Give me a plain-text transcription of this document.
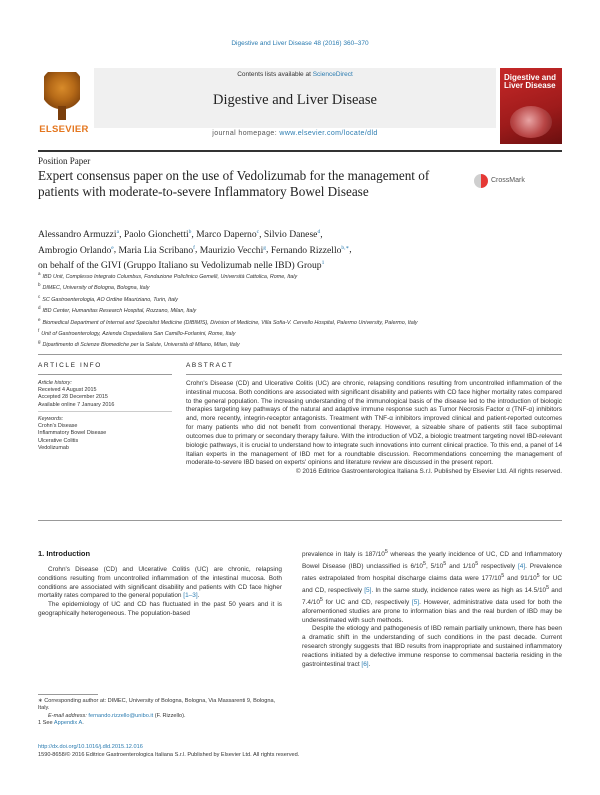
Digestive and Liver Disease 48 (2016) 360–370
ELSEVIER
Contents lists available at ScienceDirect
Digestive and Liver Disease
journal homepage: www.elsevier.com/locate/dld
Digestive and Liver Disease
Position Paper
Expert consensus paper on the use of Vedolizumab for the management of patients with moderate-to-severe Inflammatory Bowel Disease
CrossMark
Alessandro Armuzzi$^a$, Paolo Gionchetti$^b$, Marco Daperno$^c$, Silvio Danese$^d$,
Ambrogio Orlando$^e$, Maria Lia Scribano$^f$, Maurizio Vecchi$^g$, Fernando Rizzello$^{b,∗}$,
on behalf of the GIVI (Gruppo Italiano su Vedolizumab nelle IBD) Group$^1$
$^a$IBD Unit, Complesso Integrato Columbus, Fondazione Policlinico Gemelli, Università Cattolica, Rome, Italy
$^b$DIMEC, University of Bologna, Bologna, Italy
$^c$SC Gastroenterologia, AO Ordine Mauriziano, Turin, Italy
$^d$IBD Center, Humanitas Research Hospital, Rozzano, Milan, Italy
$^e$Biomedical Department of Internal and Specialist Medicine (DIBIMIS), Division of Medicine, Villa Sofia-V. Cervello Hospital, Palermo University, Palermo, Italy
$^f$Unit of Gastroenterology, Azienda Ospedaliera San Camillo-Forlanini, Rome, Italy
$^g$Dipartimento di Scienze Biomediche per la Salute, Università di Milano, Milan, Italy
ARTICLE INFO
Article history:
Received 4 August 2015
Accepted 28 December 2015
Available online 7 January 2016
Keywords:
Crohn's Disease
Inflammatory Bowel Disease
Ulcerative Colitis
Vedolizumab
ABSTRACT
Crohn's Disease (CD) and Ulcerative Colitis (UC) are chronic, relapsing conditions resulting from uncontrolled inflammation of the intestinal mucosa. Both conditions are associated with significant disability and patients with CD face higher mortality rates compared to the general population. The increasing understanding of the immunological basis of the disease led to the introduction of biologic therapies targeting key pathways of the natural and adaptive immune response such as Tumor Necrosis Factor α (TNF-α) inhibitors and, more recently, integrin-receptor antagonists. Treatment with TNF-α inhibitors improved clinical and patient-reported outcomes for many patients who did not benefit from conventional therapy. However, a sizeable share of patients still face suboptimal outcomes due to primary or secondary therapy failure. With the introduction of VDZ, a biologic treatment targeting novel IBD-relevant biologic pathways, it is crucial to understand how to integrate such innovations into current clinical practice. To this end, a panel of 14 Italian experts in the management of IBD met for a roundtable discussion. Recommendations concerning the management of moderate-to-severe IBD based on experts' opinions and literature review are discussed in the present report.
© 2016 Editrice Gastroenterologica Italiana S.r.l. Published by Elsevier Ltd. All rights reserved.
1. Introduction

Crohn's Disease (CD) and Ulcerative Colitis (UC) are chronic, relapsing conditions resulting from uncontrolled inflammation of the intestinal mucosa. Both conditions are associated with significant disability and patients with CD face higher mortality rates compared to the general population [1–3].

The epidemiology of UC and CD has fluctuated in the past 50 years and it is geographically heterogeneous. The population-based

prevalence in Italy is $187/10^5$ whereas the yearly incidence of UC, CD and Inflammatory Bowel Disease (IBD) unclassified is $6/10^5$, $5/10^5$ and $1/10^5$ respectively [4]. Prevalence rates extrapolated from hospital discharge claims data were $177/10^5$ and $91/10^5$ for UC and CD, respectively [5]. In the same study, incidence rates were as high as $14.5/10^5$ and $7.4/10^5$ for UC and CD, respectively [5]. However, administrative data used for both the aforementioned studies are prone to information bias and the real burden of IBD may be underestimated with such methods.

Despite the etiology and pathogenesis of IBD remain partially unknown, there has been a dramatic shift in the understanding of such conditions in the past decade. Current research strongly suggests that IBD results from inappropriate and sustained inflammatory reactions initiated by a defective immune response to commensal bacteria residing in the gastrointestinal tract [6].

∗ Corresponding author at: DIMEC, University of Bologna, Bologna, Via Massarenti 9, Bologna, Italy.
E-mail address: fernando.rizzello@unibo.it (F. Rizzello).
1 See Appendix A.
http://dx.doi.org/10.1016/j.dld.2015.12.016
1590-8658/© 2016 Editrice Gastroenterologica Italiana S.r.l. Published by Elsevier Ltd. All rights reserved.
